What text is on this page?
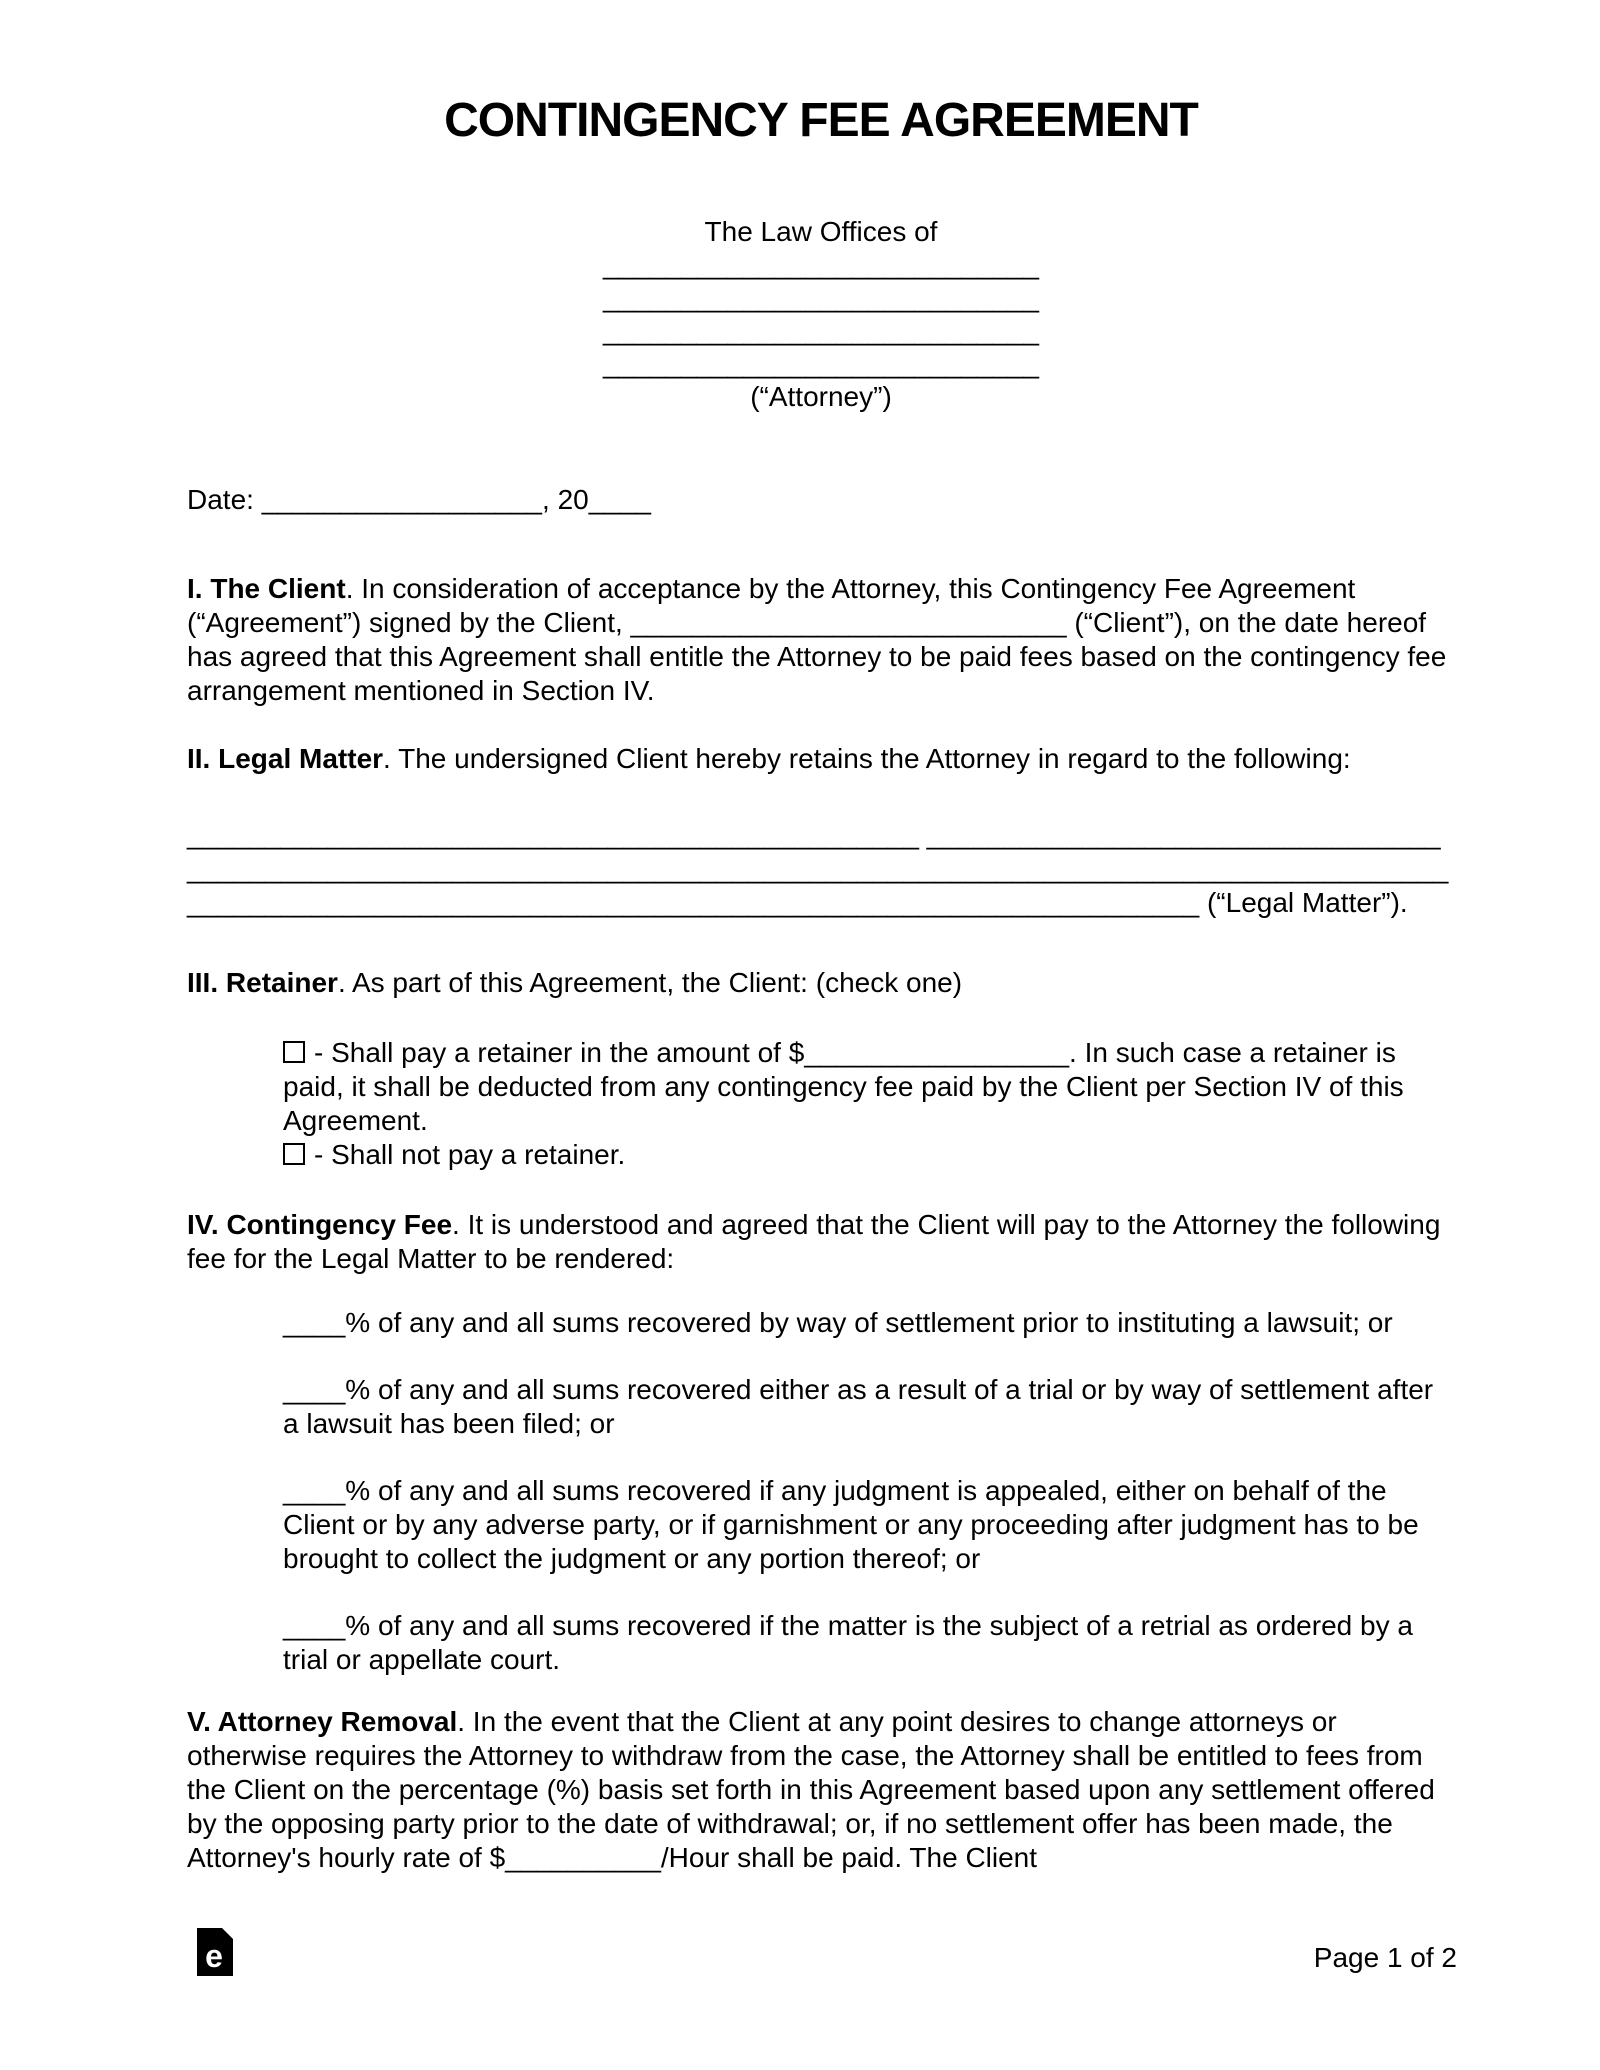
CONTINGENCY FEE AGREEMENT
The Law Offices of
____________________________
____________________________
____________________________
____________________________
(“Attorney”)
Date: __________________, 20____
I. The Client. In consideration of acceptance by the Attorney, this Contingency Fee Agreement (“Agreement”) signed by the Client, ____________________________ (“Client”), on the date hereof has agreed that this Agreement shall entitle the Attorney to be paid fees based on the contingency fee arrangement mentioned in Section IV.
II. Legal Matter. The undersigned Client hereby retains the Attorney in regard to the following:
_______________________________________________ _________________________________
_________________________________________________________________________________
_________________________________________________________________ (“Legal Matter”).
III. Retainer. As part of this Agreement, the Client: (check one)
- Shall pay a retainer in the amount of $_________________. In such case a retainer is paid, it shall be deducted from any contingency fee paid by the Client per Section IV of this Agreement.
- Shall not pay a retainer.
IV. Contingency Fee. It is understood and agreed that the Client will pay to the Attorney the following fee for the Legal Matter to be rendered:
____% of any and all sums recovered by way of settlement prior to instituting a lawsuit; or
____% of any and all sums recovered either as a result of a trial or by way of settlement after a lawsuit has been filed; or
____% of any and all sums recovered if any judgment is appealed, either on behalf of the Client or by any adverse party, or if garnishment or any proceeding after judgment has to be brought to collect the judgment or any portion thereof; or
____% of any and all sums recovered if the matter is the subject of a retrial as ordered by a trial or appellate court.
V. Attorney Removal. In the event that the Client at any point desires to change attorneys or otherwise requires the Attorney to withdraw from the case, the Attorney shall be entitled to fees from the Client on the percentage (%) basis set forth in this Agreement based upon any settlement offered by the opposing party prior to the date of withdrawal; or, if no settlement offer has been made, the Attorney's hourly rate of $__________/Hour shall be paid. The Client
e	Page 1 of 2
